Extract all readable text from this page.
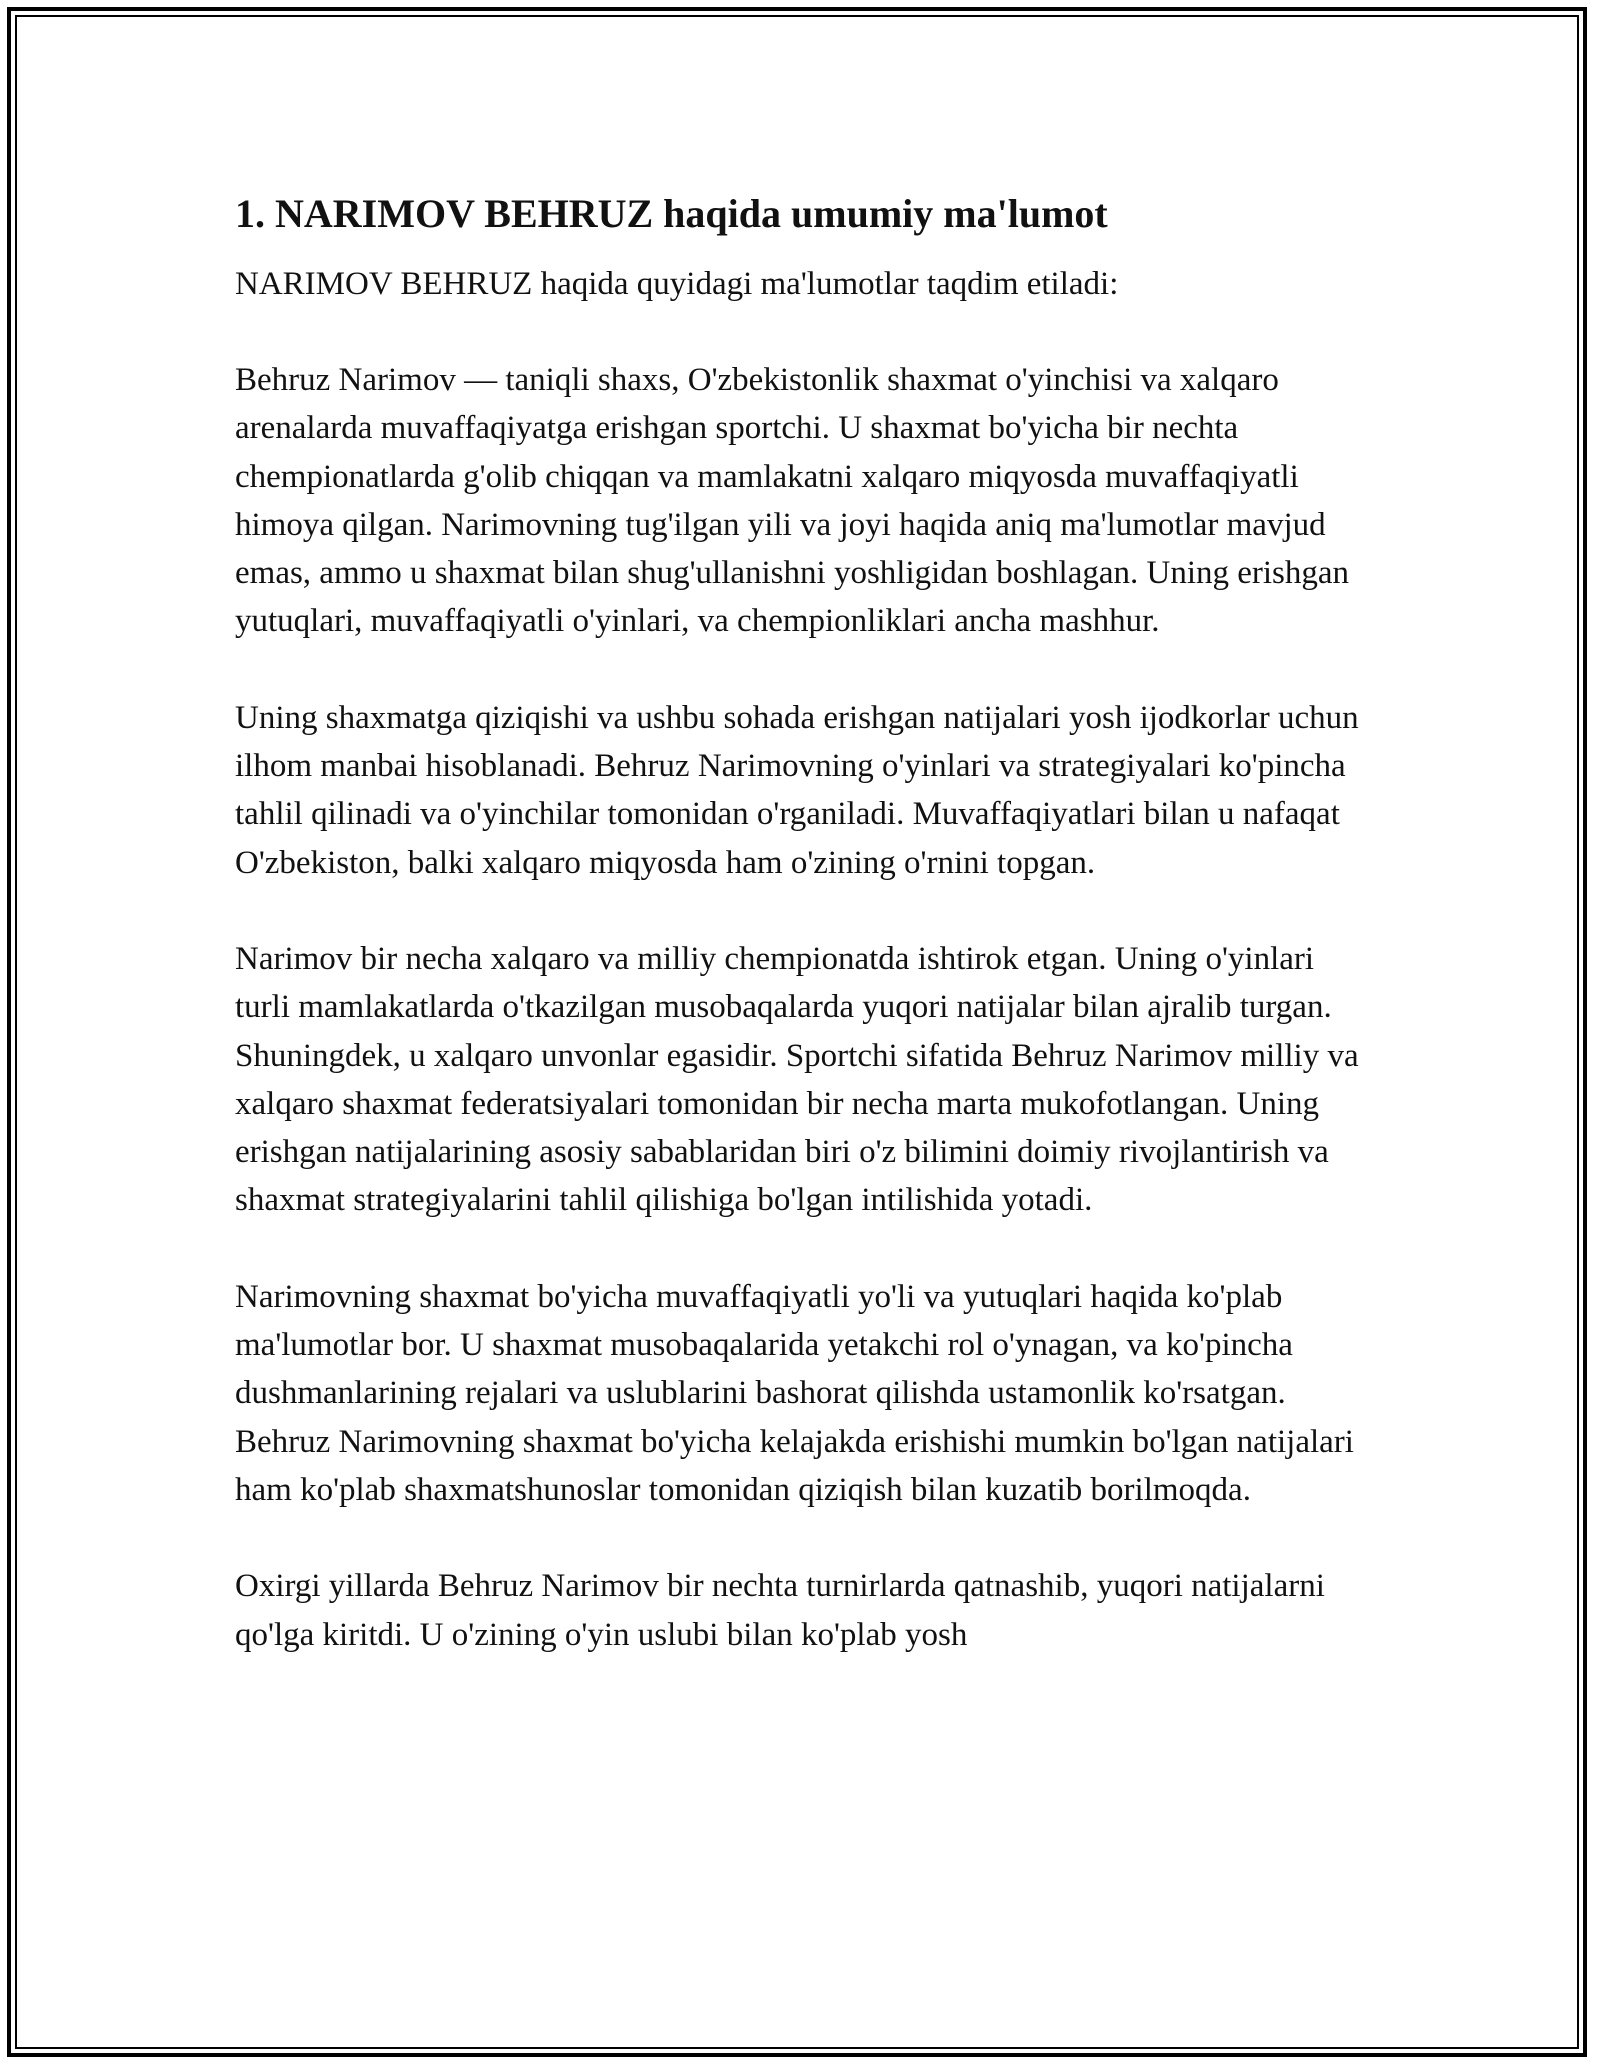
1. NARIMOV BEHRUZ haqida umumiy ma'lumot

NARIMOV BEHRUZ haqida quyidagi ma'lumotlar taqdim etiladi:

Behruz Narimov — taniqli shaxs, O'zbekistonlik shaxmat o'yinchisi va xalqaro arenalarda muvaffaqiyatga erishgan sportchi. U shaxmat bo'yicha bir nechta chempionatlarda g'olib chiqqan va mamlakatni xalqaro miqyosda muvaffaqiyatli himoya qilgan. Narimovning tug'ilgan yili va joyi haqida aniq ma'lumotlar mavjud emas, ammo u shaxmat bilan shug'ullanishni yoshligidan boshlagan. Uning erishgan yutuqlari, muvaffaqiyatli o'yinlari, va chempionliklari ancha mashhur.

Uning shaxmatga qiziqishi va ushbu sohada erishgan natijalari yosh ijodkorlar uchun ilhom manbai hisoblanadi. Behruz Narimovning o'yinlari va strategiyalari ko'pincha tahlil qilinadi va o'yinchilar tomonidan o'rganiladi. Muvaffaqiyatlari bilan u nafaqat O'zbekiston, balki xalqaro miqyosda ham o'zining o'rnini topgan.

Narimov bir necha xalqaro va milliy chempionatda ishtirok etgan. Uning o'yinlari turli mamlakatlarda o'tkazilgan musobaqalarda yuqori natijalar bilan ajralib turgan. Shuningdek, u xalqaro unvonlar egasidir. Sportchi sifatida Behruz Narimov milliy va xalqaro shaxmat federatsiyalari tomonidan bir necha marta mukofotlangan. Uning erishgan natijalarining asosiy sabablaridan biri o'z bilimini doimiy rivojlantirish va shaxmat strategiyalarini tahlil qilishiga bo'lgan intilishida yotadi.

Narimovning shaxmat bo'yicha muvaffaqiyatli yo'li va yutuqlari haqida ko'plab ma'lumotlar bor. U shaxmat musobaqalarida yetakchi rol o'ynagan, va ko'pincha dushmanlarining rejalari va uslublarini bashorat qilishda ustamonlik ko'rsatgan. Behruz Narimovning shaxmat bo'yicha kelajakda erishishi mumkin bo'lgan natijalari ham ko'plab shaxmatshunoslar tomonidan qiziqish bilan kuzatib borilmoqda.

Oxirgi yillarda Behruz Narimov bir nechta turnirlarda qatnashib, yuqori natijalarni qo'lga kiritdi. U o'zining o'yin uslubi bilan ko'plab yosh
